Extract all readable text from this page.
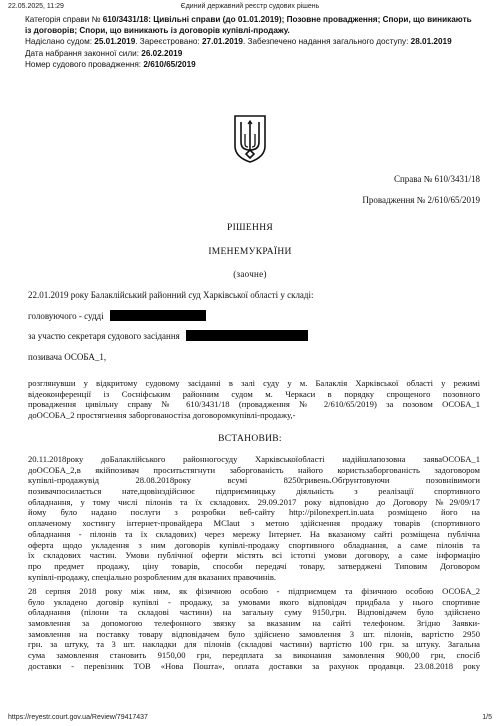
22.05.2025, 11:29	Єдиний державний реєстр судових рішень
Категорія справи № 610/3431/18: Цивільні справи (до 01.01.2019); Позовне провадження; Спори, що виникають із договорів; Спори, що виникають із договорів купівлі-продажу.
Надіслано судом: 25.01.2019. Зареєстровано: 27.01.2019. Забезпечено надання загального доступу: 28.01.2019
Дата набрання законної сили: 26.02.2019
Номер судового провадження: 2/610/65/2019
Справа № 610/3431/18
Провадження № 2/610/65/2019
РІШЕННЯ
ІМЕНЕМУКРАЇНИ
(заочне)
22.01.2019 року Балаклійський районний суд Харківської області у складі:
головуючого - судді
за участю секретаря судового засідання
позивача ОСОБА_1,
розглянувши у відкритому судовому засіданні в залі суду у м. Балаклія Харківської області у режимі
відеоконференції із Сосніфським районним судом м. Черкаси в порядку спрощеного позовного
провадження цивільну справу № 610/3431/18 (провадження № 2/610/65/2019) за позовом ОСОБА_1
доОСОБА_2 простягнення заборгованостіза договоромкупівлі-продажу,-
ВСТАНОВИВ:
20.11.2018року доБалаклійського районногосуду Харківськоїобласті надійшлапозовна заяваОСОБА_1
доОСОБА_2,в якійпозивач проситьстягнути заборгованість найого користьзаборгованість задоговором
купівлі-продажувід 28.08.2018року всумі 8250гривень.Обґрунтовуючи позовнівимоги
позивачпосилається нате,щовінздійснює підприємницьку діяльність з реалізації спортивного
обладнання, у тому числі пілонів та їх складових. 29.09.2017 року відповідно до Договору №29/09/17
йому було надано послуги з розробки веб-сайту http://pilonexpert.in.uata розміщено його на
оплаченому хостингу інтернет-провайдера MClaut з метою здійснення продажу товарів (спортивного
обладнання - пілонів та їх складових) через мережу Інтернет. На вказаному сайті розміщена публічна
оферта щодо укладення з ним договорів купівлі-продажу спортивного обладнання, а саме пілонів та
їх складових частин. Умови публічної оферти містять всі істотні умови договору, а саме інформацію
про предмет продажу, ціну товарів, способи передачі товару, затверджені Типовим Договором
купівлі-продажу, спеціально розробленим для вказаних правочинів.
28 серпня 2018 року між ним, як фізичною особою - підприємцем та фізичною особою ОСОБА_2
було укладено договір купівлі - продажу, за умовами якого відповідач придбала у нього спортивне
обладнання (пілони та складові частини) на загальну суму 9150,грн. Відповідачем було здійснено
замовлення за допомогою телефонного звязку за вказаним на сайті телефоном. Згідно Заявки-
замовлення на поставку товару відповідачем було здійснено замовлення 3 шт. пілонів, вартістю 2950
грн. за штуку, та 3 шт. накладки для пілонів (складові частини) вартістю 100 грн. за штуку. Загальна
сума замовлення становить 9150,00 грн, передплата за виконання замовлення 900,00 грн, спосіб
доставки - перевізник ТОВ «Нова Пошта», оплата доставки за рахунок продавця. 23.08.2018 року
https://reyestr.court.gov.ua/Review/79417437	1/5
